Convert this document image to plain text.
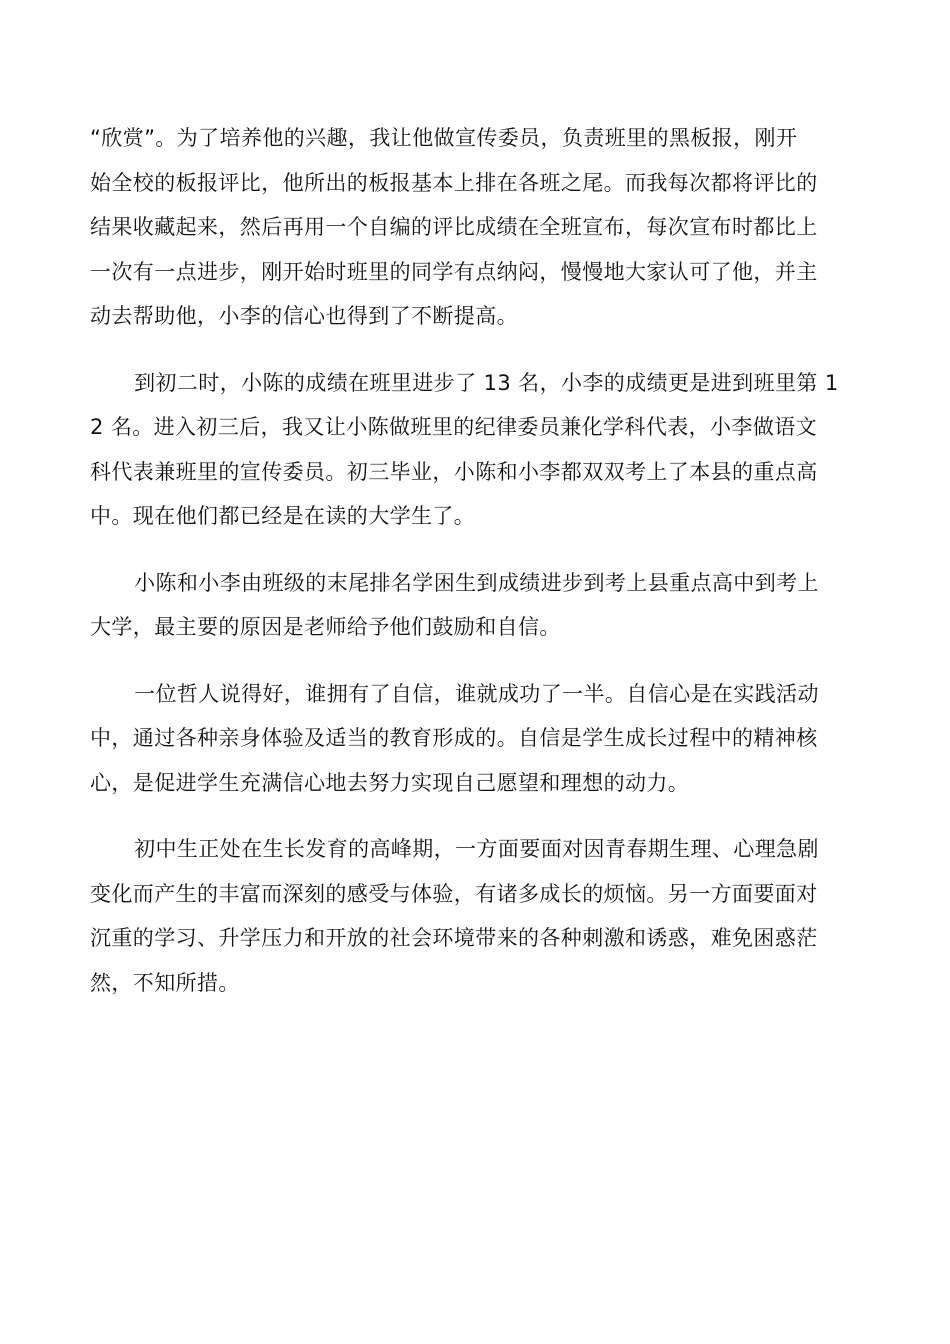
“欣赏”。为了培养他的兴趣，我让他做宣传委员，负责班里的黑板报，刚开
始全校的板报评比，他所出的板报基本上排在各班之尾。而我每次都将评比的
结果收藏起来，然后再用一个自编的评比成绩在全班宣布，每次宣布时都比上
一次有一点进步，刚开始时班里的同学有点纳闷，慢慢地大家认可了他，并主
动去帮助他，小李的信心也得到了不断提高。

到初二时，小陈的成绩在班里进步了 13 名，小李的成绩更是进到班里第 1
2 名。进入初三后，我又让小陈做班里的纪律委员兼化学科代表，小李做语文
科代表兼班里的宣传委员。初三毕业，小陈和小李都双双考上了本县的重点高
中。现在他们都已经是在读的大学生了。

小陈和小李由班级的末尾排名学困生到成绩进步到考上县重点高中到考上
大学，最主要的原因是老师给予他们鼓励和自信。

一位哲人说得好，谁拥有了自信，谁就成功了一半。自信心是在实践活动
中，通过各种亲身体验及适当的教育形成的。自信是学生成长过程中的精神核
心，是促进学生充满信心地去努力实现自己愿望和理想的动力。

初中生正处在生长发育的高峰期，一方面要面对因青春期生理、心理急剧
变化而产生的丰富而深刻的感受与体验，有诸多成长的烦恼。另一方面要面对
沉重的学习、升学压力和开放的社会环境带来的各种刺激和诱惑，难免困惑茫
然，不知所措。
